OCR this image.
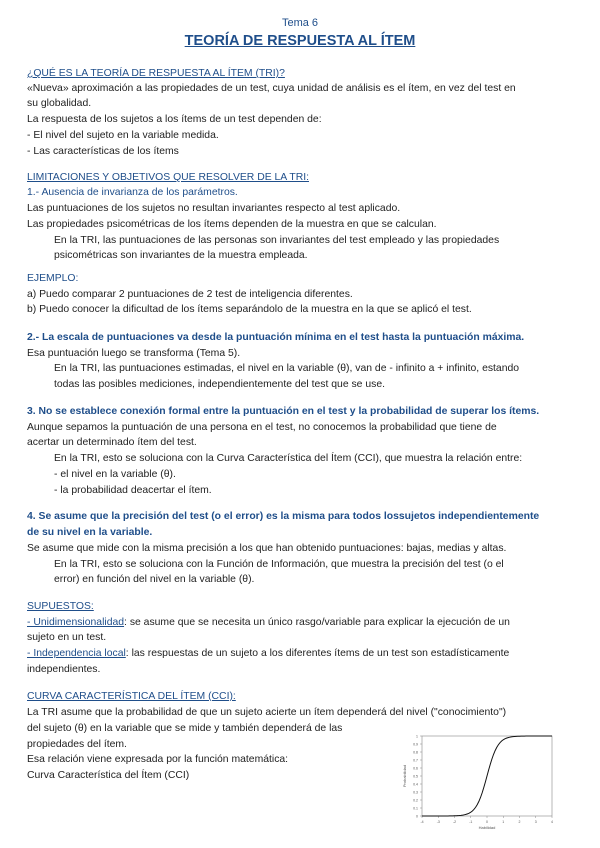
Tema 6
TEORÍA DE RESPUESTA AL ÍTEM
¿QUÉ ES LA TEORÍA DE RESPUESTA AL ÍTEM (TRI)?
«Nueva» aproximación a las propiedades de un test, cuya unidad de análisis es el ítem, en vez del test en
su globalidad.
La respuesta de los sujetos a los ítems de un test dependen de:
- El nivel del sujeto en la variable medida.
- Las características de los ítems
LIMITACIONES Y OBJETIVOS QUE RESOLVER DE LA TRI:
1.- Ausencia de invarianza de los parámetros.
Las puntuaciones de los sujetos no resultan invariantes respecto al test aplicado.
Las propiedades psicométricas de los ítems dependen de la muestra en que se calculan.
En la TRI, las puntuaciones de las personas son invariantes del test empleado y las propiedades
psicométricas son invariantes de la muestra empleada.
EJEMPLO:
a) Puedo comparar 2 puntuaciones de 2 test de inteligencia diferentes.
b) Puedo conocer la dificultad de los ítems separándolo de la muestra en la que se aplicó el test.
2.- La escala de puntuaciones va desde la puntuación mínima en el test hasta la puntuación máxima.
Esa puntuación luego se transforma (Tema 5).
En la TRI, las puntuaciones estimadas, el nivel en la variable (θ), van de - infinito a + infinito, estando
todas las posibles mediciones, independientemente del test que se use.
3. No se establece conexión formal entre la puntuación en el test y la probabilidad de superar los ítems.
Aunque sepamos la puntuación de una persona en el test, no conocemos la probabilidad que tiene de
acertar un determinado ítem del test.
En la TRI, esto se soluciona con la Curva Característica del Ítem (CCI), que muestra la relación entre:
- el nivel en la variable (θ).
- la probabilidad deacertar el ítem.
4. Se asume que la precisión del test (o el error) es la misma para todos lossujetos independientemente
de su nivel en la variable.
Se asume que mide con la misma precisión a los que han obtenido puntuaciones: bajas, medias y altas.
En la TRI, esto se soluciona con la Función de Información, que muestra la precisión del test (o el
error) en función del nivel en la variable (θ).
SUPUESTOS:
- Unidimensionalidad: se asume que se necesita un único rasgo/variable para explicar la ejecución de un
sujeto en un test.
- Independencia local: las respuestas de un sujeto a los diferentes ítems de un test son estadísticamente
independientes.
CURVA CARACTERÍSTICA DEL ÍTEM (CCI):
La TRI asume que la probabilidad de que un sujeto acierte un ítem dependerá del nivel ("conocimiento")
del sujeto (θ) en la variable que se mide y también dependerá de las
propiedades del ítem.
Esa relación viene expresada por la función matemática:
Curva Característica del Ítem (CCI)
0
0.1
0.2
0.3
0.4
0.5
0.6
0.7
0.8
0.9
1
-4	-3	-2	-1	0	1	2	3	4
Habilidad
Probabilidad
